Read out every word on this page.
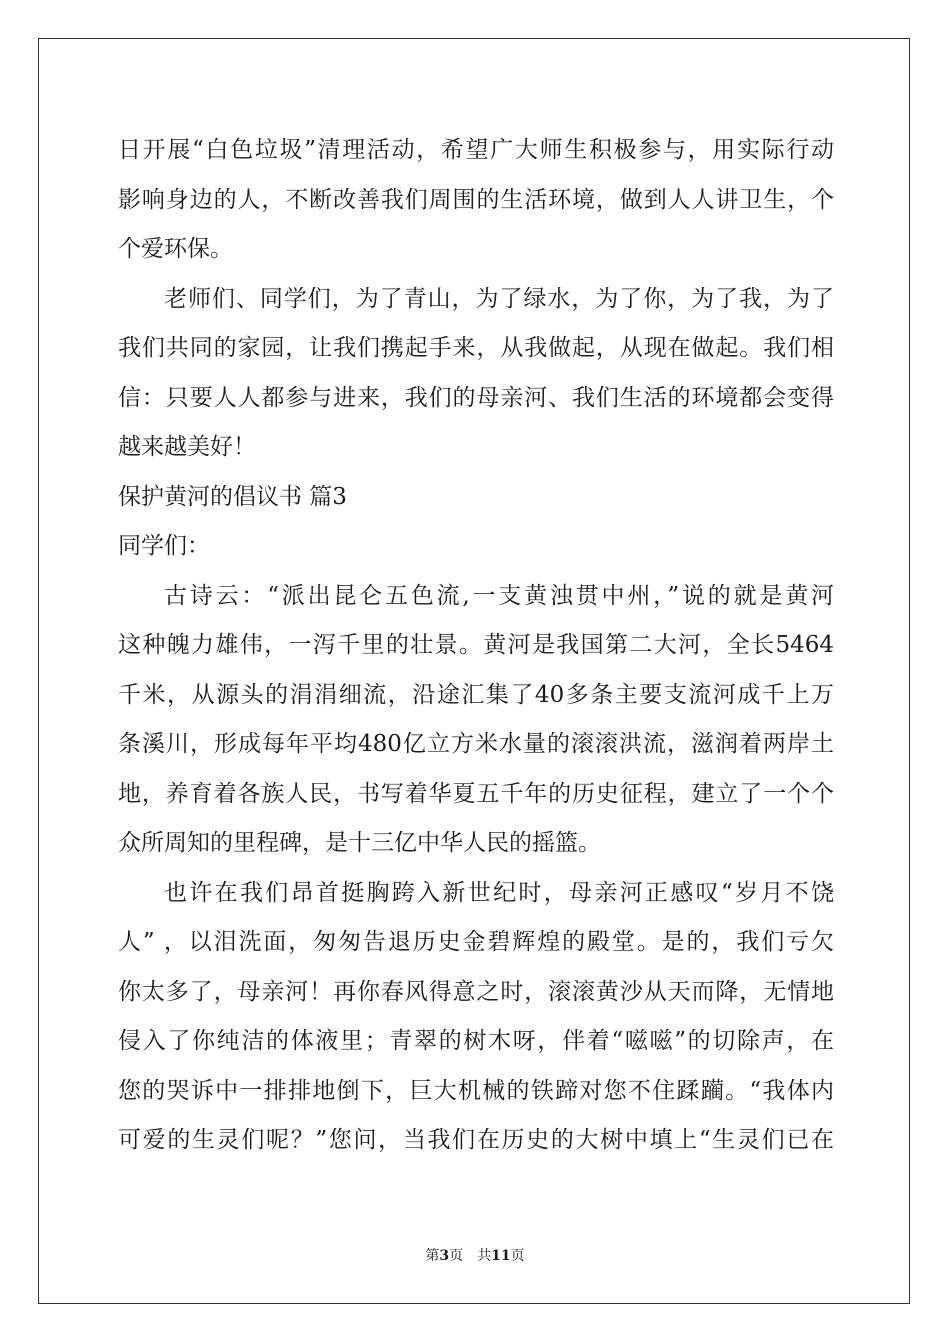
日开展“白色垃圾”清理活动，希望广大师生积极参与，用实际行动
影响身边的人，不断改善我们周围的生活环境，做到人人讲卫生，个
个爱环保。
老师们、同学们，为了青山，为了绿水，为了你，为了我，为了
我们共同的家园，让我们携起手来，从我做起，从现在做起。我们相
信：只要人人都参与进来，我们的母亲河、我们生活的环境都会变得
越来越美好！
保护黄河的倡议书 篇3
同学们：
古诗云：“派出昆仑五色流,一支黄浊贯中州，”说的就是黄河
这种魄力雄伟，一泻千里的壮景。黄河是我国第二大河，全长5464
千米，从源头的涓涓细流，沿途汇集了40多条主要支流河成千上万
条溪川，形成每年平均480亿立方米水量的滚滚洪流，滋润着两岸土
地，养育着各族人民，书写着华夏五千年的历史征程，建立了一个个
众所周知的里程碑，是十三亿中华人民的摇篮。
也许在我们昂首挺胸跨入新世纪时，母亲河正感叹“岁月不饶
人” ，以泪洗面，匆匆告退历史金碧辉煌的殿堂。是的，我们亏欠
你太多了，母亲河！再你春风得意之时，滚滚黄沙从天而降，无情地
侵入了你纯洁的体液里；青翠的树木呀，伴着“嗞嗞”的切除声，在
您的哭诉中一排排地倒下，巨大机械的铁蹄对您不住蹂躏。“我体内
可爱的生灵们呢？”您问，当我们在历史的大树中填上“生灵们已在
第3页 共11页
